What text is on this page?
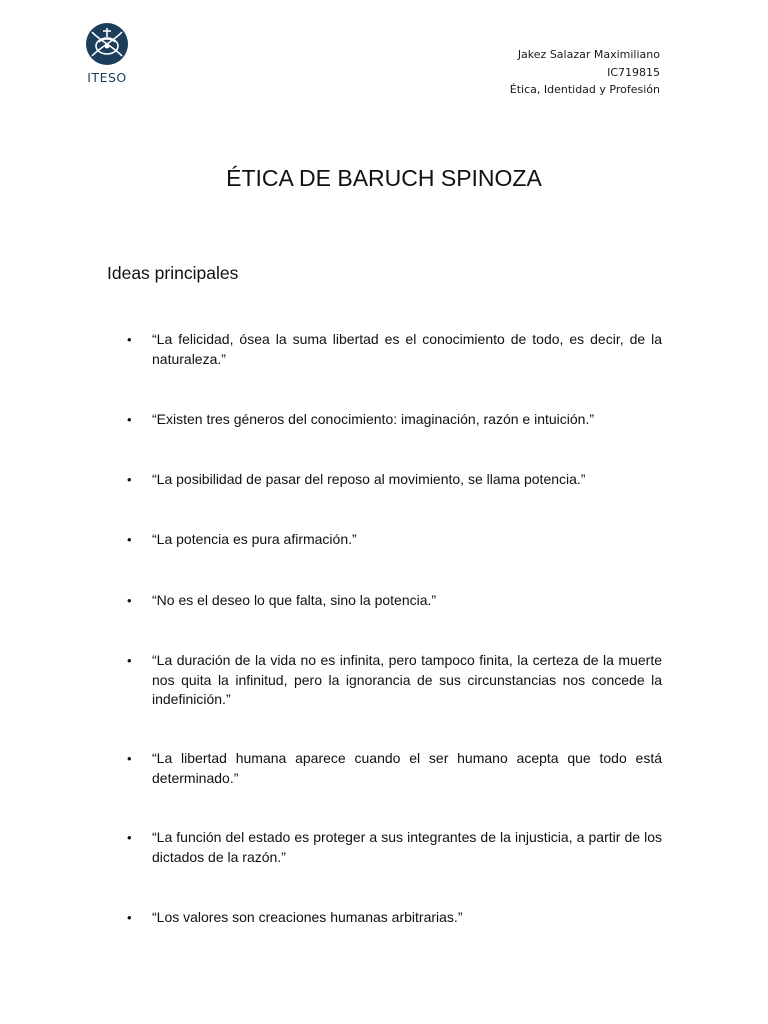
ITESO
Jakez Salazar Maximiliano
IC719815
Ética, Identidad y Profesión
ÉTICA DE BARUCH SPINOZA
Ideas principales
•	“La felicidad, ósea la suma libertad es el conocimiento de todo, es decir, de la naturaleza.”
•	“Existen tres géneros del conocimiento: imaginación, razón e intuición.”
•	“La posibilidad de pasar del reposo al movimiento, se llama potencia.”
•	“La potencia es pura afirmación.”
•	“No es el deseo lo que falta, sino la potencia.”
•	“La duración de la vida no es infinita, pero tampoco finita, la certeza de la muerte nos quita la infinitud, pero la ignorancia de sus circunstancias nos concede la indefinición.”
•	“La libertad humana aparece cuando el ser humano acepta que todo está determinado.”
•	“La función del estado es proteger a sus integrantes de la injusticia, a partir de los dictados de la razón.”
•	“Los valores son creaciones humanas arbitrarias.”
